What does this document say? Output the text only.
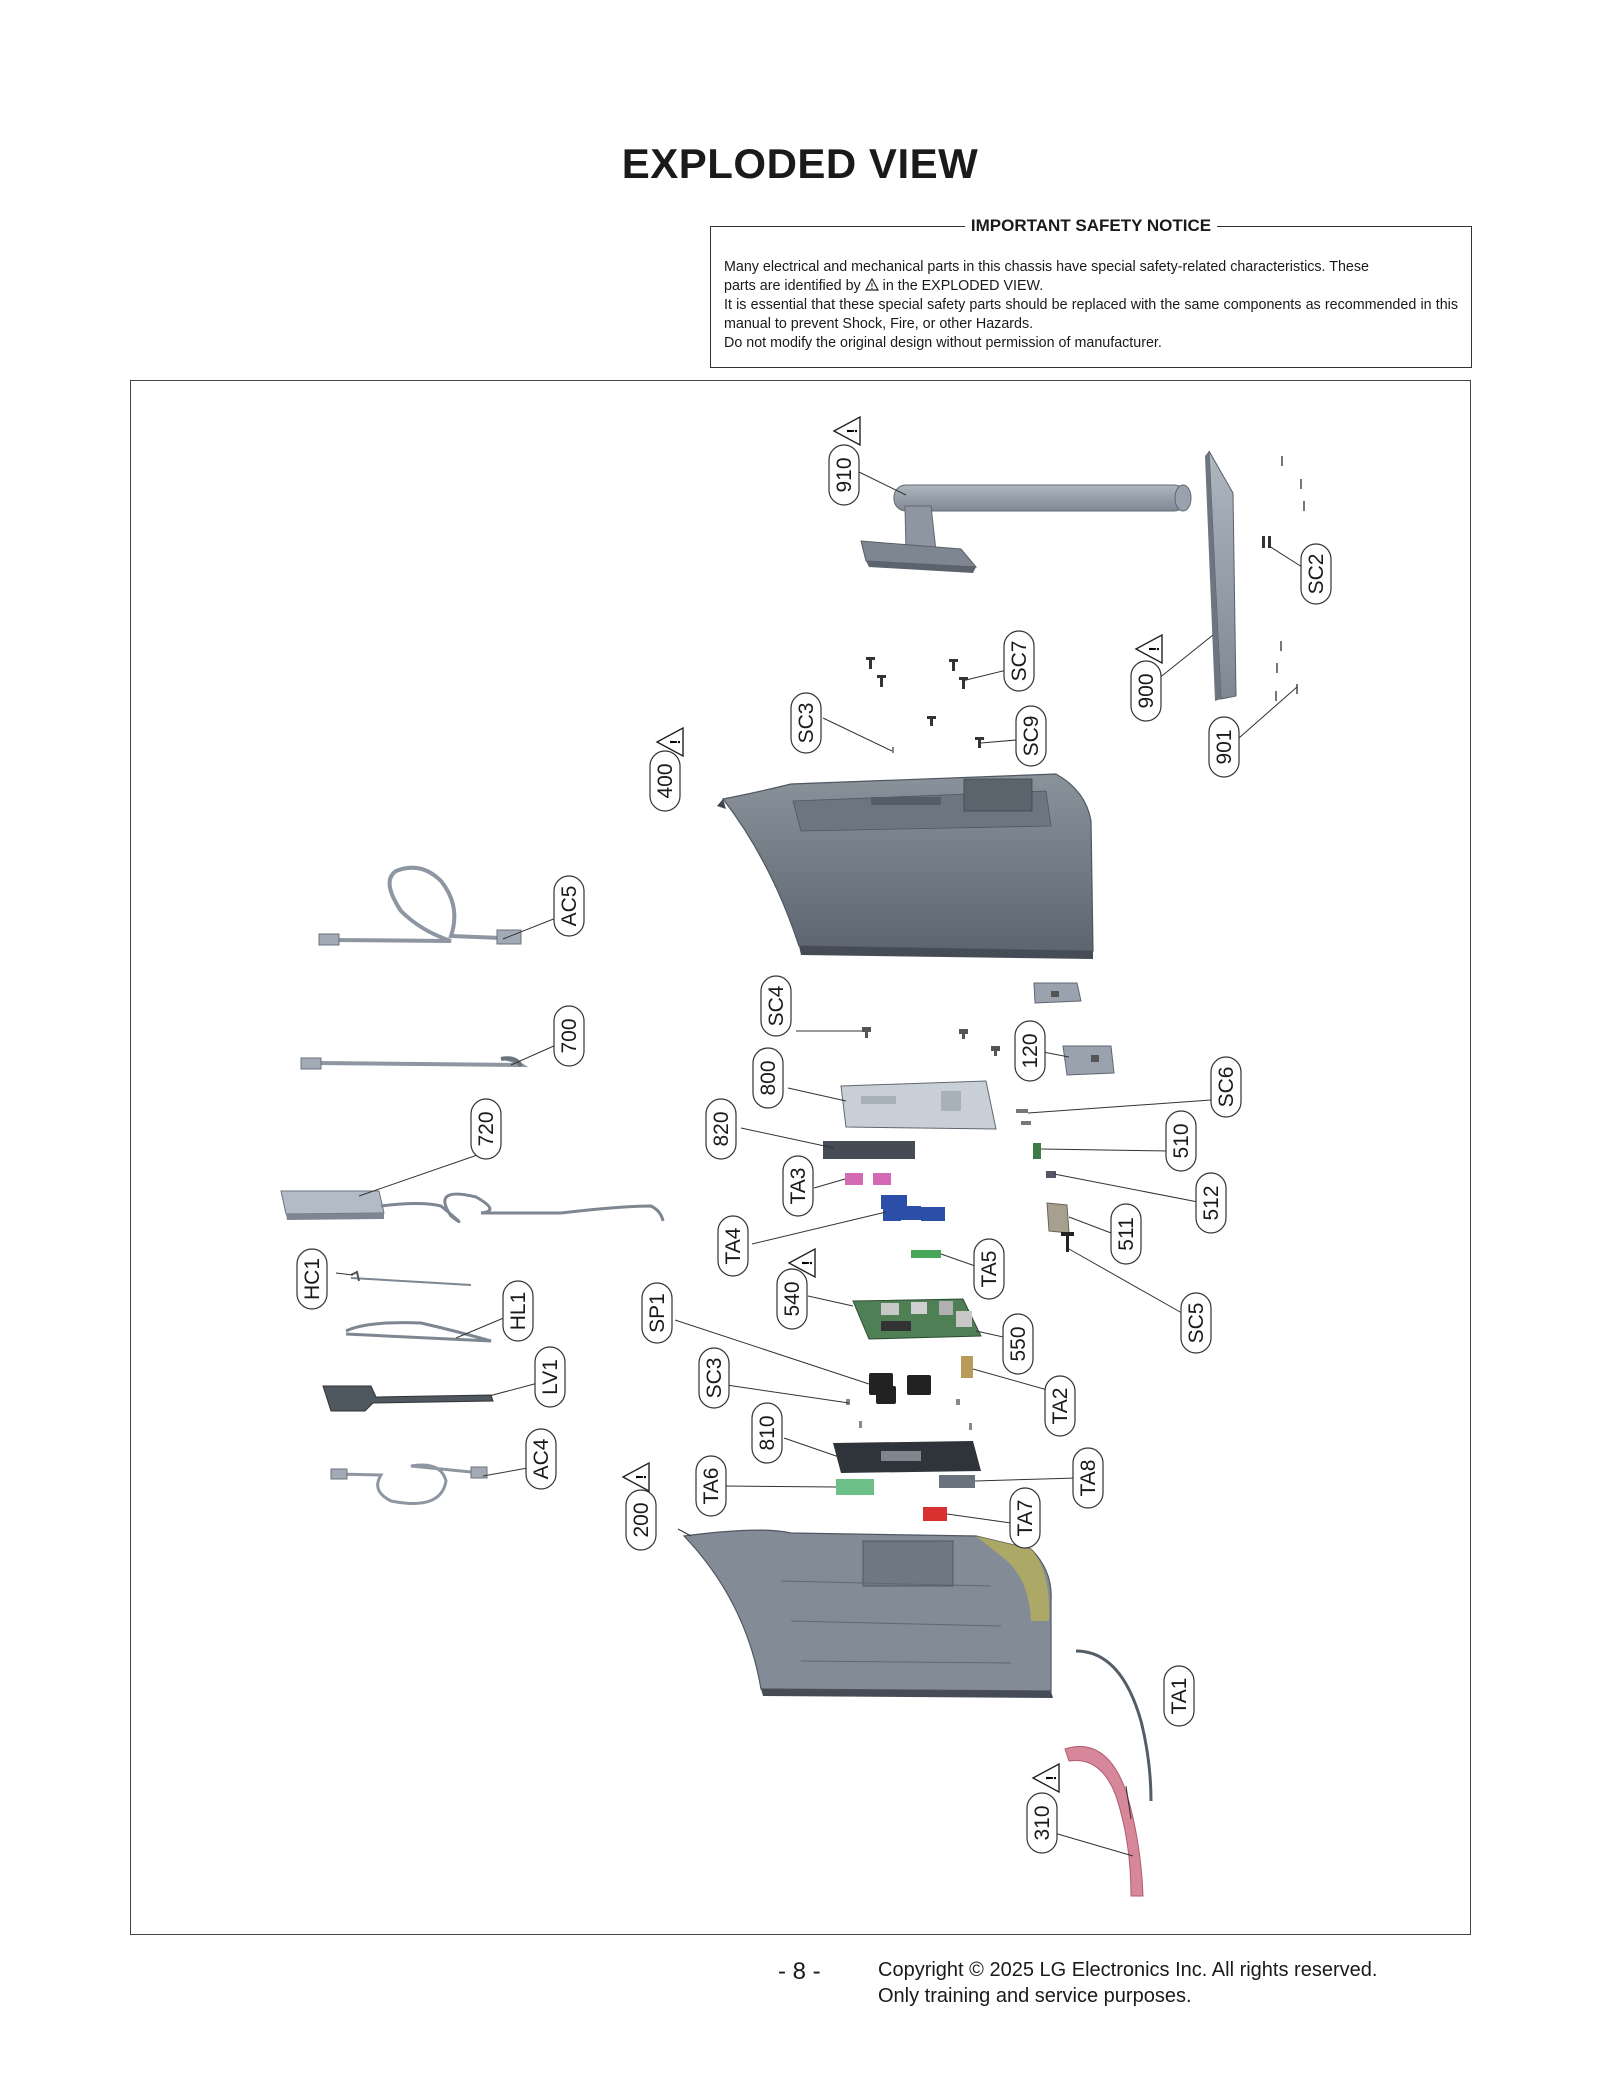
EXPLODED VIEW
IMPORTANT SAFETY NOTICE

Many electrical and mechanical parts in this chassis have special safety-related characteristics. These

parts are identified by ! in the EXPLODED VIEW.

It is essential that these special safety parts should be replaced with the same components as recommended in this manual to prevent Shock, Fire, or other Hazards.

Do not modify the original design without permission of manufacturer.

910
SC2
SC7
SC3	SC9
900
901
400
AC5
SC4
120
SC6
700
800
820	510
720
TA3	512
TA4	511
TA5
HC1	540
HL1	SP1	SC5
550
LV1	SC3
TA2
810
AC4
TA6	TA8
200	TA7
TA1
310
!
!
!
!
!
!
- 8 -	Copyright © 2025 LG Electronics Inc. All rights reserved.
Only training and service purposes.
